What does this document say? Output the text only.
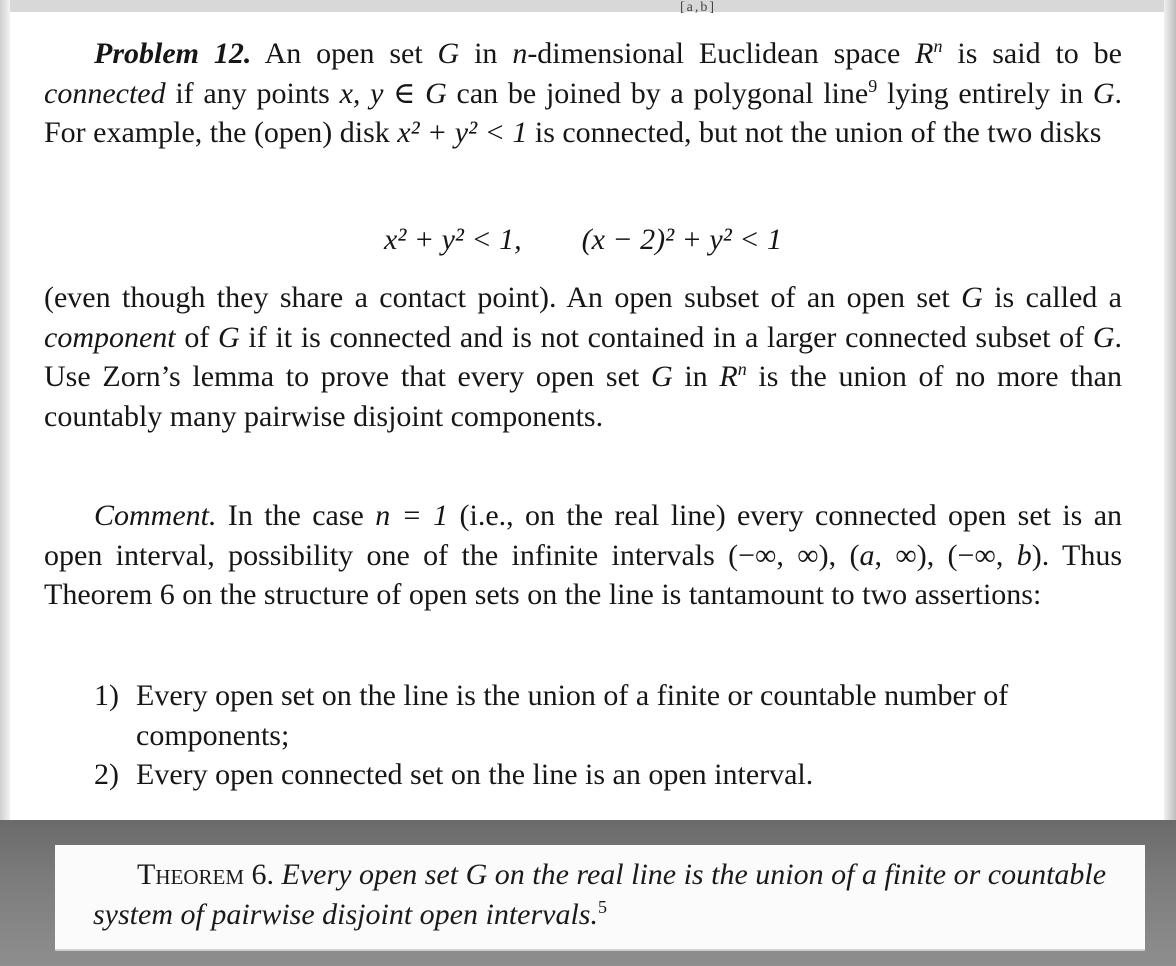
[a,b]

Problem 12. An open set G in n-dimensional Euclidean space $R^n$ is said to be connected if any points x, y ∈ G can be joined by a polygonal line$^9$ lying entirely in G. For example, the (open) disk x² + y² < 1 is connected, but not the union of the two disks

x² + y² < 1, (x − 2)² + y² < 1

(even though they share a contact point). An open subset of an open set G is called a component of G if it is connected and is not contained in a larger connected subset of G. Use Zorn’s lemma to prove that every open set G in $R^n$ is the union of no more than countably many pairwise disjoint components.

Comment. In the case n = 1 (i.e., on the real line) every connected open set is an open interval, possibility one of the infinite intervals (−∞, ∞), (a, ∞), (−∞, b). Thus Theorem 6 on the structure of open sets on the line is tantamount to two assertions:

1) Every open set on the line is the union of a finite or countable number of components;

2) Every open connected set on the line is an open interval.

Theorem 6. Every open set G on the real line is the union of a finite or countable system of pairwise disjoint open intervals.$^5$
